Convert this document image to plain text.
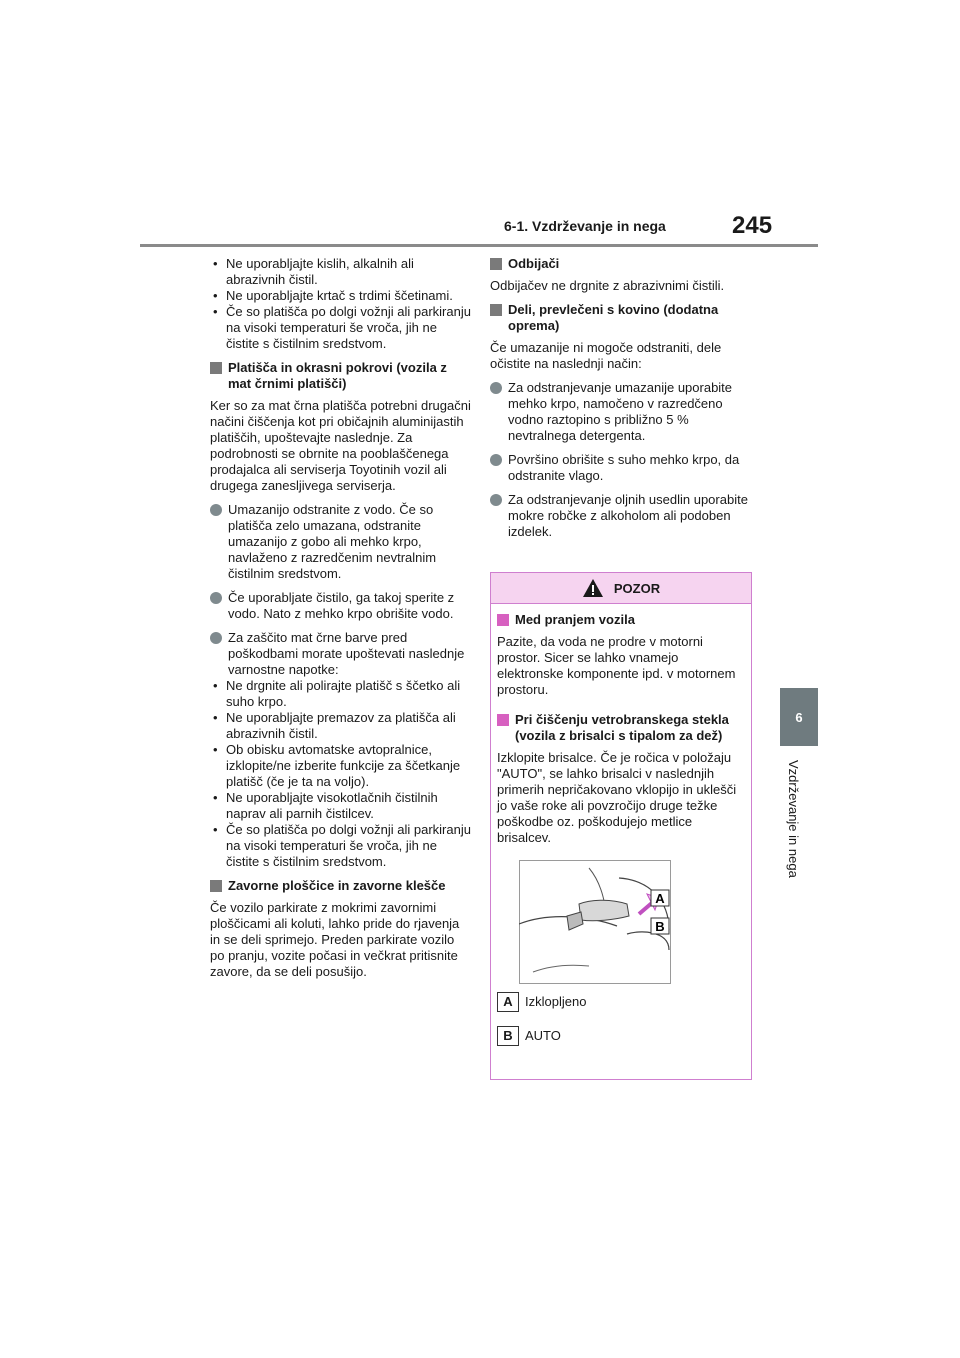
6-1. Vzdrževanje in nega	245
6
Vzdrževanje in nega
• Ne uporabljajte kislih, alkalnih ali abrazivnih čistil.
• Ne uporabljajte krtač s trdimi ščetinami.
• Če so platišča po dolgi vožnji ali parkiranju na visoki temperaturi še vroča, jih ne čistite s čistilnim sredstvom.
Platišča in okrasni pokrovi (vozila z mat črnimi platišči)

Ker so za mat črna platišča potrebni drugačni načini čiščenja kot pri običajnih aluminijastih platiščih, upoštevajte naslednje. Za podrobnosti se obrnite na pooblaščenega prodajalca ali serviserja Toyotinih vozil ali drugega zanesljivega serviserja.

Umazanijo odstranite z vodo. Če so platišča zelo umazana, odstranite umazanijo z gobo ali mehko krpo, navlaženo z razredčenim nevtralnim čistilnim sredstvom.
Če uporabljate čistilo, ga takoj sperite z vodo. Nato z mehko krpo obrišite vodo.
Za zaščito mat črne barve pred poškodbami morate upoštevati naslednje varnostne napotke:
• Ne drgnite ali polirajte platišč s ščetko ali suho krpo.
• Ne uporabljajte premazov za platišča ali abrazivnih čistil.
• Ob obisku avtomatske avtopralnice, izklopite/ne izberite funkcije za ščetkanje platišč (če je ta na voljo).
• Ne uporabljajte visokotlačnih čistilnih naprav ali parnih čistilcev.
• Če so platišča po dolgi vožnji ali parkiranju na visoki temperaturi še vroča, jih ne čistite s čistilnim sredstvom.
Zavorne ploščice in zavorne klešče

Če vozilo parkirate z mokrimi zavornimi ploščicami ali koluti, lahko pride do rjavenja in se deli sprimejo. Preden parkirate vozilo po pranju, vozite počasi in večkrat pritisnite zavore, da se deli posušijo.

Odbijači

Odbijačev ne drgnite z abrazivnimi čistili.

Deli, prevlečeni s kovino (dodatna oprema)

Če umazanije ni mogoče odstraniti, dele očistite na naslednji način:

Za odstranjevanje umazanije uporabite mehko krpo, namočeno v razredčeno vodno raztopino s približno 5 % nevtralnega detergenta.
Površino obrišite s suho mehko krpo, da odstranite vlago.
Za odstranjevanje oljnih usedlin uporabite mokre robčke z alkoholom ali podoben izdelek.
POZOR
Med pranjem vozila

Pazite, da voda ne prodre v motorni prostor. Sicer se lahko vnamejo elektronske komponente ipd. v motornem prostoru.

Pri čiščenju vetrobranskega stekla (vozila z brisalci s tipalom za dež)

Izklopite brisalce. Če je ročica v položaju "AUTO", se lahko brisalci v naslednjih primerih nepričakovano vklopijo in uklešči jo vaše roke ali povzročijo druge težke poškodbe oz. poškodujejo metlice brisalcev.

A
B
A Izklopljeno
B AUTO
